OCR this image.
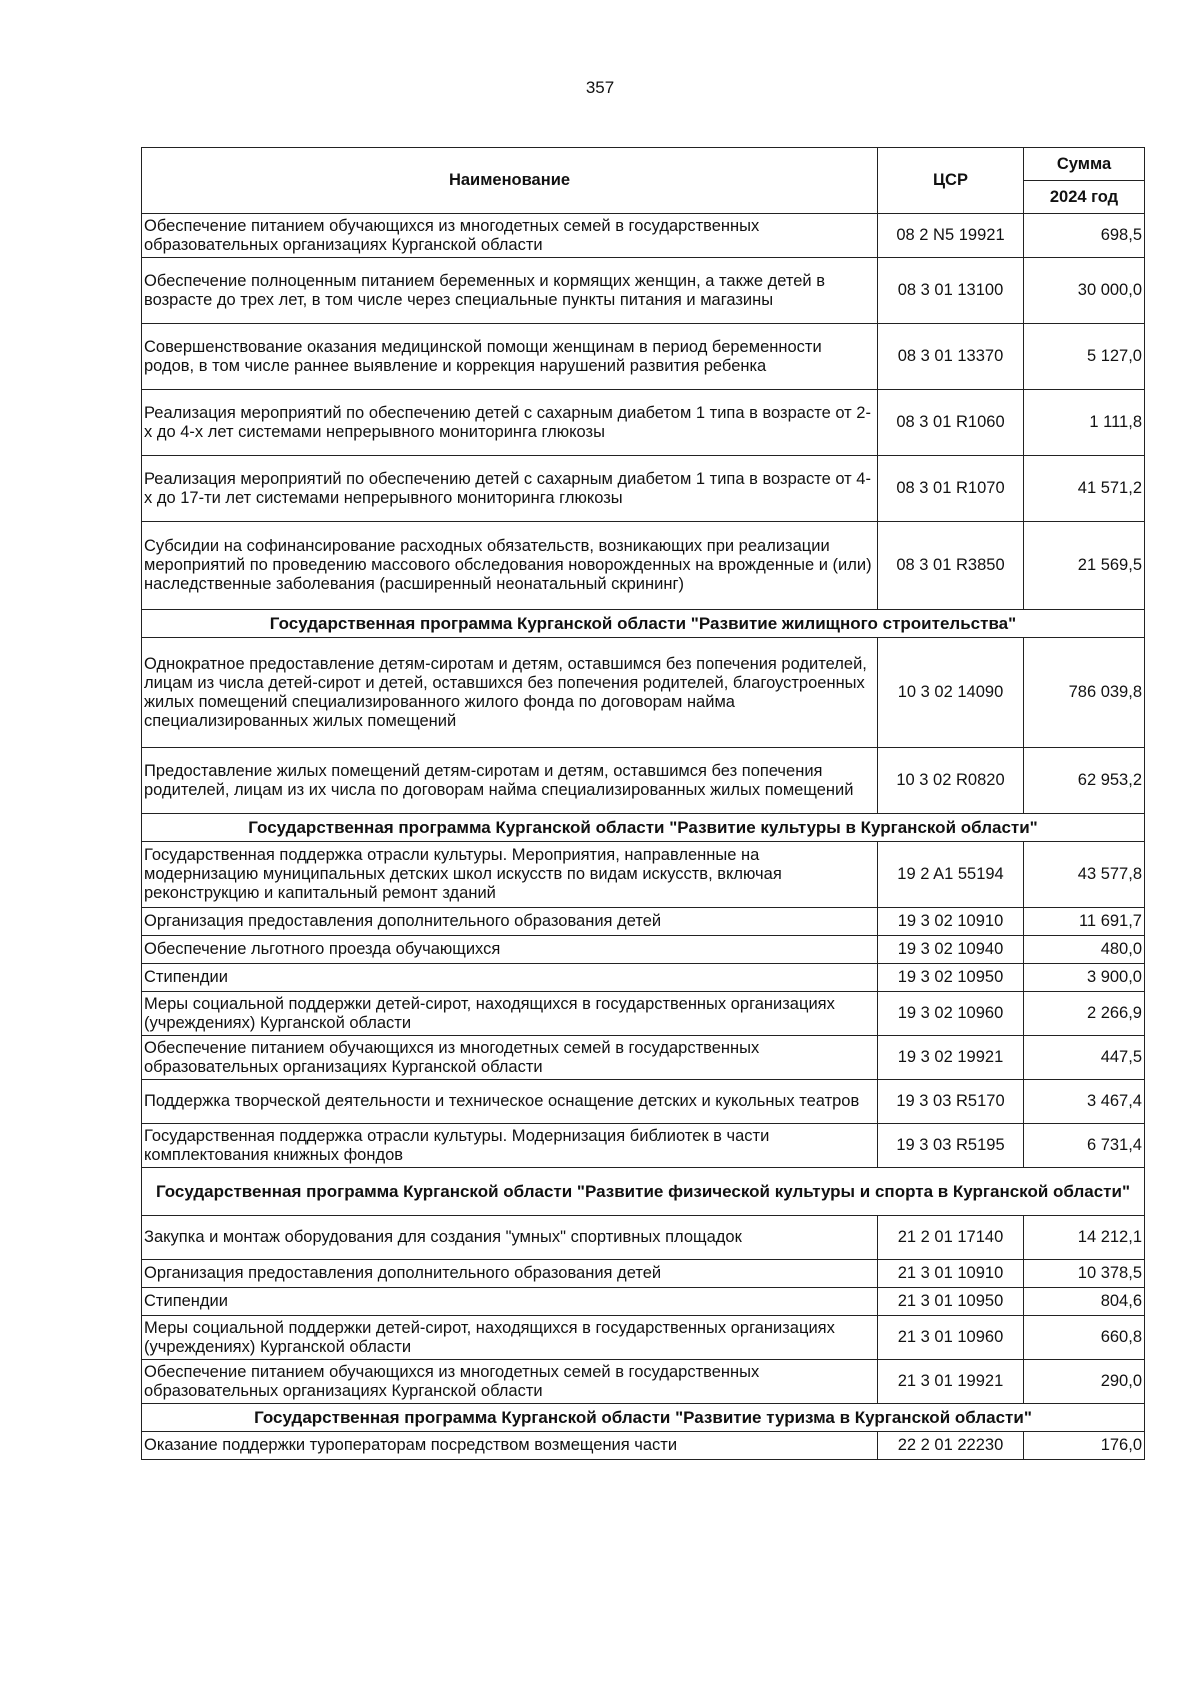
357
Наименование	ЦСР	Сумма
		2024 год
Обеспечение питанием обучающихся из многодетных семей в государственных образовательных организациях Курганской области	08 2 N5 19921	698,5
Обеспечение полноценным питанием беременных и кормящих женщин, а также детей в возрасте до трех лет, в том числе через специальные пункты питания и магазины	08 3 01 13100	30 000,0
Совершенствование оказания медицинской помощи женщинам в период беременности родов, в том числе раннее выявление и коррекция нарушений развития ребенка	08 3 01 13370	5 127,0
Реализация мероприятий по обеспечению детей с сахарным диабетом 1 типа в возрасте от 2-х до 4-х лет системами непрерывного мониторинга глюкозы	08 3 01 R1060	1 111,8
Реализация мероприятий по обеспечению детей с сахарным диабетом 1 типа в возрасте от 4-х до 17-ти лет системами непрерывного мониторинга глюкозы	08 3 01 R1070	41 571,2
Субсидии на софинансирование расходных обязательств, возникающих при реализации мероприятий по проведению массового обследования новорожденных на врожденные и (или) наследственные заболевания (расширенный неонатальный скрининг)	08 3 01 R3850	21 569,5
Государственная программа Курганской области "Развитие жилищного строительства"		
Однократное предоставление детям-сиротам и детям, оставшимся без попечения родителей, лицам из числа детей-сирот и детей, оставшихся без попечения родителей, благоустроенных жилых помещений специализированного жилого фонда по договорам найма специализированных жилых помещений	10 3 02 14090	786 039,8
Предоставление жилых помещений детям-сиротам и детям, оставшимся без попечения родителей, лицам из их числа по договорам найма специализированных жилых помещений	10 3 02 R0820	62 953,2
Государственная программа Курганской области "Развитие культуры в Курганской области"		
Государственная поддержка отрасли культуры. Мероприятия, направленные на модернизацию муниципальных детских школ искусств по видам искусств, включая реконструкцию и капитальный ремонт зданий	19 2 A1 55194	43 577,8
Организация предоставления дополнительного образования детей	19 3 02 10910	11 691,7
Обеспечение льготного проезда обучающихся	19 3 02 10940	480,0
Стипендии	19 3 02 10950	3 900,0
Меры социальной поддержки детей-сирот, находящихся в государственных организациях (учреждениях) Курганской области	19 3 02 10960	2 266,9
Обеспечение питанием обучающихся из многодетных семей в государственных образовательных организациях Курганской области	19 3 02 19921	447,5
Поддержка творческой деятельности и техническое оснащение детских и кукольных театров	19 3 03 R5170	3 467,4
Государственная поддержка отрасли культуры. Модернизация библиотек в части комплектования книжных фондов	19 3 03 R5195	6 731,4
Государственная программа Курганской области "Развитие физической культуры и спорта в Курганской области"		
Закупка и монтаж оборудования для создания "умных" спортивных площадок	21 2 01 17140	14 212,1
Организация предоставления дополнительного образования детей	21 3 01 10910	10 378,5
Стипендии	21 3 01 10950	804,6
Меры социальной поддержки детей-сирот, находящихся в государственных организациях (учреждениях) Курганской области	21 3 01 10960	660,8
Обеспечение питанием обучающихся из многодетных семей в государственных образовательных организациях Курганской области	21 3 01 19921	290,0
Государственная программа Курганской области "Развитие туризма в Курганской области"		
Оказание поддержки туроператорам посредством возмещения части	22 2 01 22230	176,0
